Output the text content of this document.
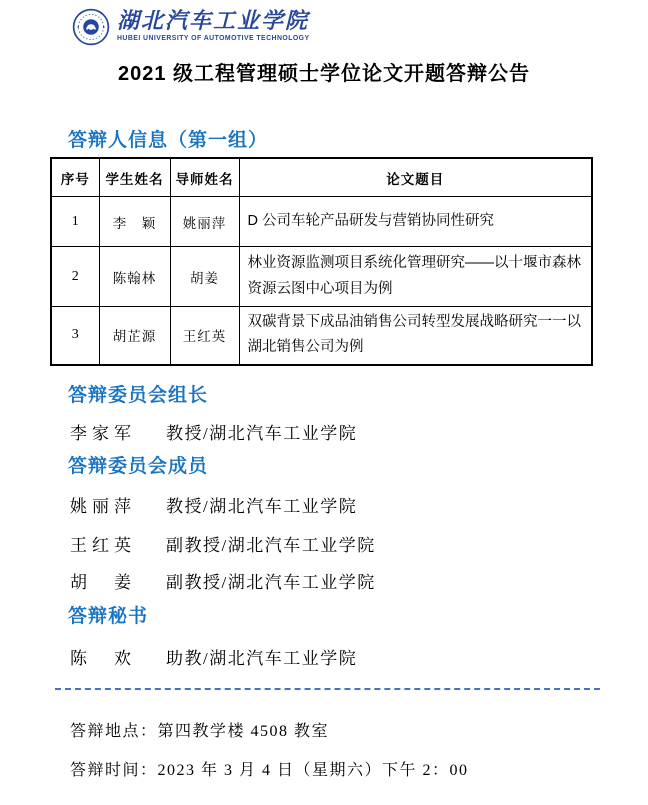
湖北汽车工业学院
HUBEI UNIVERSITY OF AUTOMOTIVE TECHNOLOGY
2021 级工程管理硕士学位论文开题答辩公告
答辩人信息（第一组）
序号	学生姓名	导师姓名	论文题目
1	李　颖	姚丽萍	D 公司车轮产品研发与营销协同性研究
2	陈翰林	胡姜	林业资源监测项目系统化管理研究——以十堰市森林资源云图中心项目为例
3	胡芷源	王红英	双碳背景下成品油销售公司转型发展战略研究一一以湖北销售公司为例
答辩委员会组长
李家军 教授/湖北汽车工业学院
答辩委员会成员
姚丽萍 教授/湖北汽车工业学院
王红英 副教授/湖北汽车工业学院
胡　姜 副教授/湖北汽车工业学院
答辩秘书
陈　欢 助教/湖北汽车工业学院
答辩地点：第四教学楼 4508 教室
答辩时间：2023 年 3 月 4 日（星期六）下午 2：00
